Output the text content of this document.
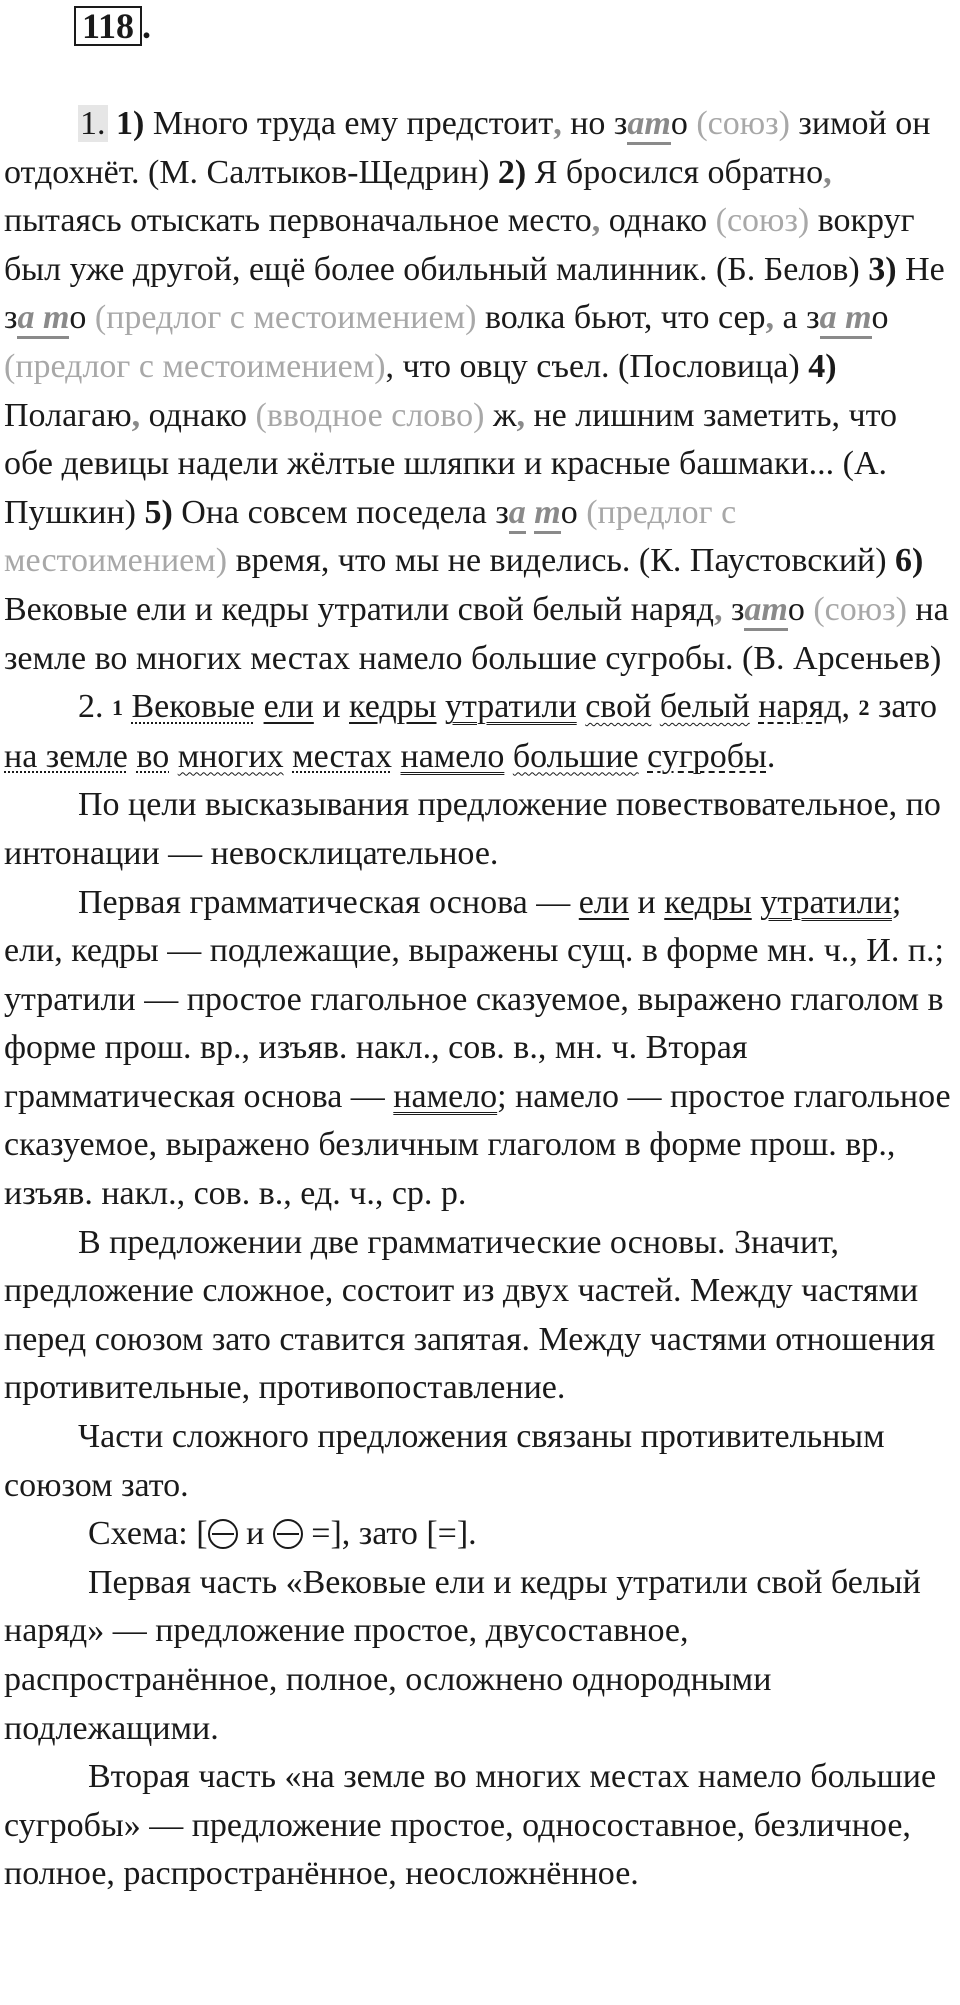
118 .

1. 1) Много труда ему предстоит, но зато (союз) зимой он отдохнёт. (М. Салтыков-Щедрин) 2) Я бросился обратно, пытаясь отыскать первоначальное место, однако (союз) вокруг был уже другой, ещё более обильный малинник. (Б. Белов) 3) Не за то (предлог с местоимением) волка бьют, что сер, а за то (предлог с местоимением), что овцу съел. (Пословица) 4) Полагаю, однако (вводное слово) ж, не лишним заметить, что обе девицы надели жёлтые шляпки и красные башмаки... (А. Пушкин) 5) Она совсем поседела за то (предлог с местоимением) время, что мы не виделись. (К. Паустовский) 6) Вековые ели и кедры утратили свой белый наряд, зато (союз) на земле во многих местах намело большие сугробы. (В. Арсеньев)

2. 1 Вековые ели и кедры утратили свой белый наряд, 2 зато на земле во многих местах намело большие сугробы.

По цели высказывания предложение повествовательное, по интонации — невосклицательное.

Первая грамматическая основа — ели и кедры утратили; ели, кедры — подлежащие, выражены сущ. в форме мн. ч., И. п.; утратили — простое глагольное сказуемое, выражено глаголом в форме прош. вр., изъяв. накл., сов. в., мн. ч. Вторая грамматическая основа — намело; намело — простое глагольное сказуемое, выражено безличным глаголом в форме прош. вр., изъяв. накл., сов. в., ед. ч., ср. р.

В предложении две грамматические основы. Значит, предложение сложное, состоит из двух частей. Между частями перед союзом зато ставится запятая. Между частями отношения противительные, противопоставление.

Части сложного предложения связаны противительным союзом зато.

Схема: [ и  =], зато [=].

Первая часть «Вековые ели и кедры утратили свой белый наряд» — предложение простое, двусоставное, распространённое, полное, осложнено однородными подлежащими.

Вторая часть «на земле во многих местах намело большие сугробы» — предложение простое, односоставное, безличное, полное, распространённое, неосложнённое.
